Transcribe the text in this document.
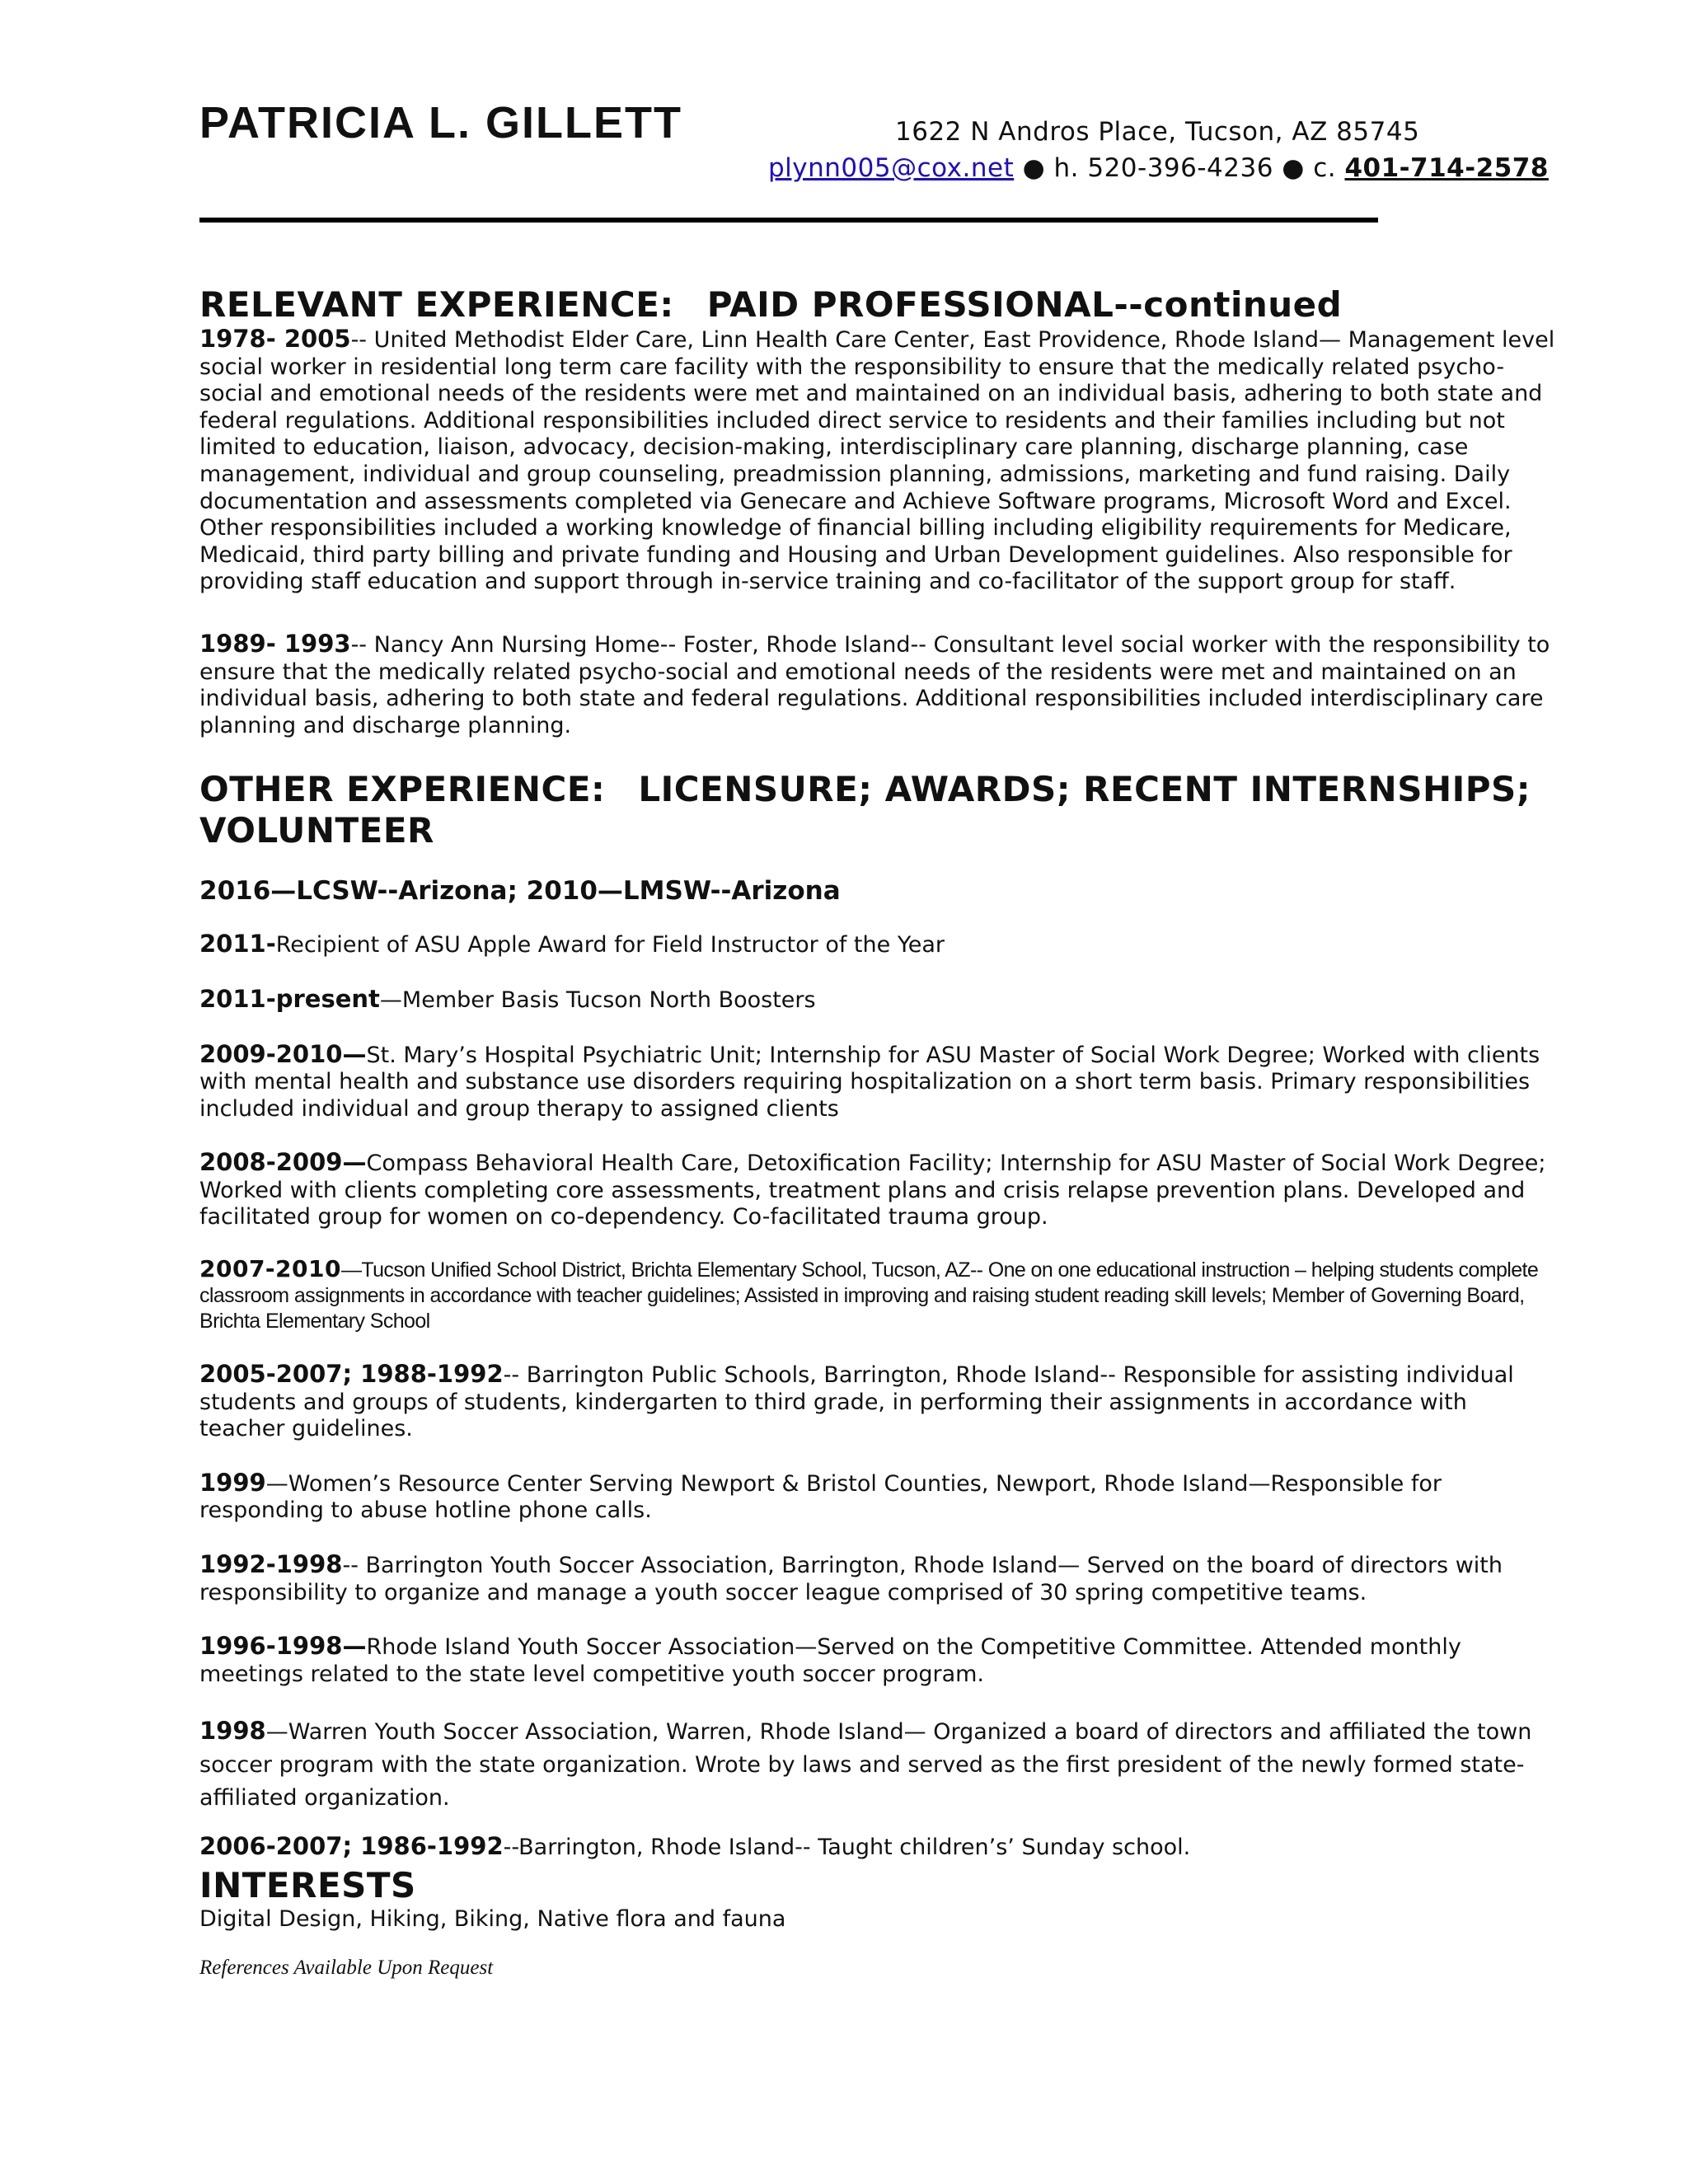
PATRICIA L. GILLETT	1622 N Andros Place, Tucson, AZ 85745
plynn005@cox.net ● h. 520-396-4236 ● c. 401-714-2578
RELEVANT EXPERIENCE: PAID PROFESSIONAL--continued

1978- 2005-- United Methodist Elder Care, Linn Health Care Center, East Providence, Rhode Island— Management level social worker in residential long term care facility with the responsibility to ensure that the medically related psycho-social and emotional needs of the residents were met and maintained on an individual basis, adhering to both state and federal regulations. Additional responsibilities included direct service to residents and their families including but not limited to education, liaison, advocacy, decision-making, interdisciplinary care planning, discharge planning, case management, individual and group counseling, preadmission planning, admissions, marketing and fund raising. Daily documentation and assessments completed via Genecare and Achieve Software programs, Microsoft Word and Excel. Other responsibilities included a working knowledge of financial billing including eligibility requirements for Medicare, Medicaid, third party billing and private funding and Housing and Urban Development guidelines. Also responsible for providing staff education and support through in-service training and co-facilitator of the support group for staff.

1989- 1993-- Nancy Ann Nursing Home-- Foster, Rhode Island-- Consultant level social worker with the responsibility to ensure that the medically related psycho-social and emotional needs of the residents were met and maintained on an individual basis, adhering to both state and federal regulations. Additional responsibilities included interdisciplinary care planning and discharge planning.

OTHER EXPERIENCE: LICENSURE; AWARDS; RECENT INTERNSHIPS; VOLUNTEER

2016—LCSW--Arizona; 2010—LMSW--Arizona

2011-Recipient of ASU Apple Award for Field Instructor of the Year

2011-present—Member Basis Tucson North Boosters

2009-2010—St. Mary’s Hospital Psychiatric Unit; Internship for ASU Master of Social Work Degree; Worked with clients with mental health and substance use disorders requiring hospitalization on a short term basis. Primary responsibilities included individual and group therapy to assigned clients

2008-2009—Compass Behavioral Health Care, Detoxification Facility; Internship for ASU Master of Social Work Degree; Worked with clients completing core assessments, treatment plans and crisis relapse prevention plans. Developed and facilitated group for women on co-dependency. Co-facilitated trauma group.

2007-2010—Tucson Unified School District, Brichta Elementary School, Tucson, AZ-- One on one educational instruction – helping students complete classroom assignments in accordance with teacher guidelines; Assisted in improving and raising student reading skill levels; Member of Governing Board, Brichta Elementary School

2005-2007; 1988-1992-- Barrington Public Schools, Barrington, Rhode Island-- Responsible for assisting individual students and groups of students, kindergarten to third grade, in performing their assignments in accordance with teacher guidelines.

1999—Women’s Resource Center Serving Newport & Bristol Counties, Newport, Rhode Island—Responsible for responding to abuse hotline phone calls.

1992-1998-- Barrington Youth Soccer Association, Barrington, Rhode Island— Served on the board of directors with responsibility to organize and manage a youth soccer league comprised of 30 spring competitive teams.

1996-1998—Rhode Island Youth Soccer Association—Served on the Competitive Committee. Attended monthly meetings related to the state level competitive youth soccer program.

1998—Warren Youth Soccer Association, Warren, Rhode Island— Organized a board of directors and affiliated the town soccer program with the state organization. Wrote by laws and served as the first president of the newly formed state-affiliated organization.

2006-2007; 1986-1992--Barrington, Rhode Island-- Taught children’s’ Sunday school.

INTERESTS

Digital Design, Hiking, Biking, Native flora and fauna

References Available Upon Request
